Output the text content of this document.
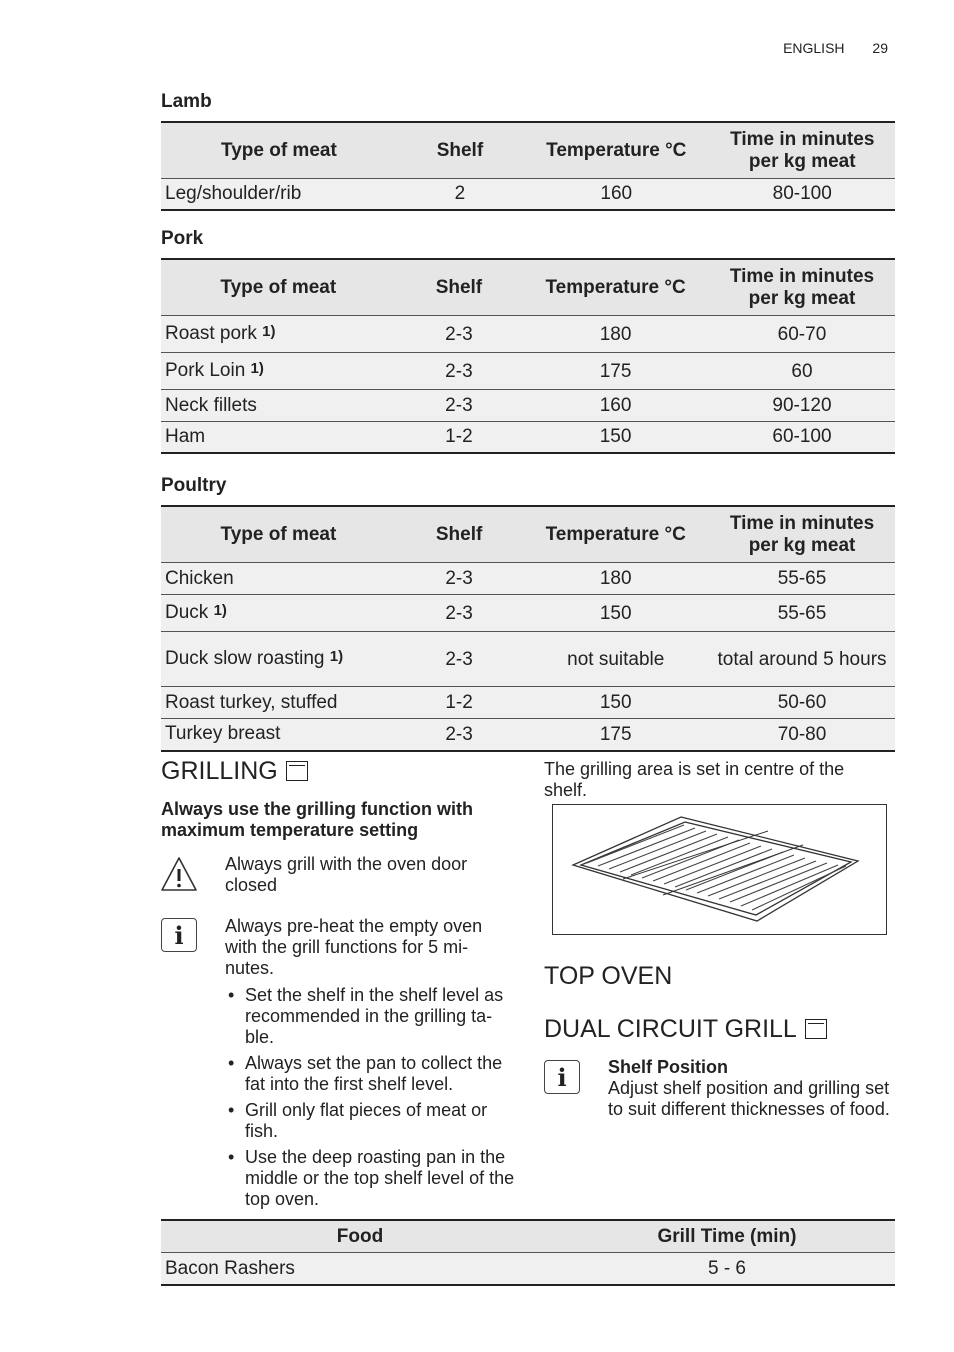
ENGLISH 29
Lamb
Type of meat	Shelf	Temperature °C	Time in minutes per kg meat
Leg/shoulder/rib	2	160	80-100
Pork
Type of meat	Shelf	Temperature °C	Time in minutes per kg meat
Roast pork $^{1)}$	2-3	180	60-70
Pork Loin $^{1)}$	2-3	175	60
Neck fillets	2-3	160	90-120
Ham	1-2	150	60-100
Poultry
Type of meat	Shelf	Temperature °C	Time in minutes per kg meat
Chicken	2-3	180	55-65
Duck $^{1)}$	2-3	150	55-65
Duck slow roasting $^{1)}$	2-3	not suitable	total around 5 hours
Roast turkey, stuffed	1-2	150	50-60
Turkey breast	2-3	175	70-80
GRILLING
Always use the grilling function with maximum temperature setting
Always grill with the oven door closed
i	Always pre-heat the empty oven with the grill functions for 5 mi-nutes.
• Set the shelf in the shelf level as recommended in the grilling ta-ble.
• Always set the pan to collect the fat into the first shelf level.
• Grill only flat pieces of meat or fish.
• Use the deep roasting pan in the middle or the top shelf level of the top oven.
The grilling area is set in centre of the shelf.
TOP OVEN
DUAL CIRCUIT GRILL
i	Shelf Position
Adjust shelf position and grilling set to suit different thicknesses of food.
Food	Grill Time (min)
Bacon Rashers	5 - 6
